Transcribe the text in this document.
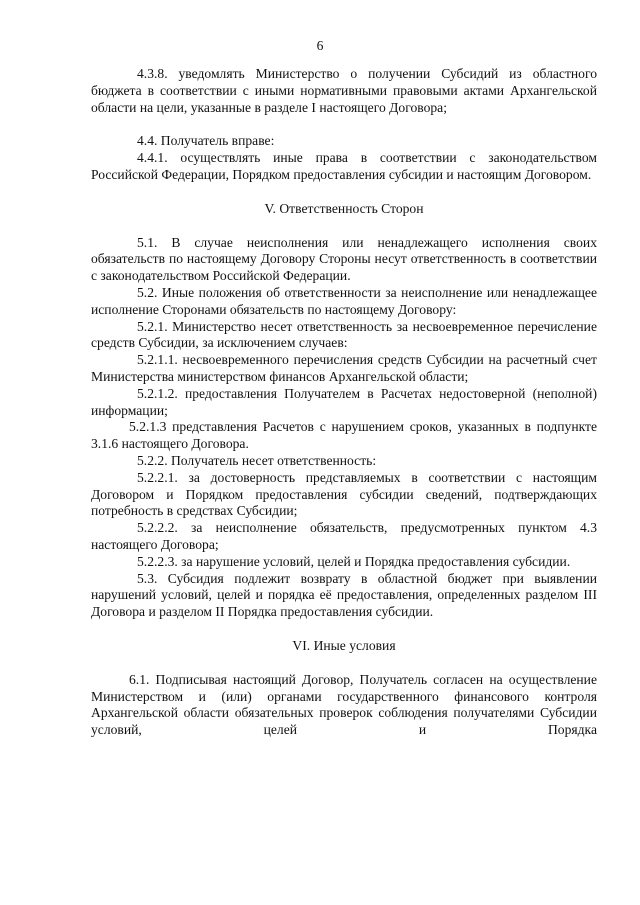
6

4.3.8. уведомлять Министерство о получении Субсидий из областного бюджета в соответствии с иными нормативными правовыми актами Архангельской области на цели, указанные в разделе I настоящего Договора;

4.4. Получатель вправе:

4.4.1. осуществлять иные права в соответствии с законодательством Российской Федерации, Порядком предоставления субсидии и настоящим Договором.

V. Ответственность Сторон

5.1. В случае неисполнения или ненадлежащего исполнения своих обязательств по настоящему Договору Стороны несут ответственность в соответствии с законодательством Российской Федерации.

5.2. Иные положения об ответственности за неисполнение или ненадлежащее исполнение Сторонами обязательств по настоящему Договору:

5.2.1. Министерство несет ответственность за несвоевременное перечисление средств Субсидии, за исключением случаев:

5.2.1.1. несвоевременного перечисления средств Субсидии на расчетный счет Министерства министерством финансов Архангельской области;

5.2.1.2. предоставления Получателем в Расчетах недостоверной (неполной) информации;

5.2.1.3 представления Расчетов с нарушением сроков, указанных в подпункте 3.1.6 настоящего Договора.

5.2.2. Получатель несет ответственность:

5.2.2.1. за достоверность представляемых в соответствии с настоящим Договором и Порядком предоставления субсидии сведений, подтверждающих потребность в средствах Субсидии;

5.2.2.2. за неисполнение обязательств, предусмотренных пунктом 4.3 настоящего Договора;

5.2.2.3. за нарушение условий, целей и Порядка предоставления субсидии.

5.3. Субсидия подлежит возврату в областной бюджет при выявлении нарушений условий, целей и порядка её предоставления, определенных разделом III Договора и разделом II Порядка предоставления субсидии.

VI. Иные условия

6.1. Подписывая настоящий Договор, Получатель согласен на осуществление Министерством и (или) органами государственного финансового контроля Архангельской области обязательных проверок соблюдения получателями Субсидии условий, целей и Порядка
